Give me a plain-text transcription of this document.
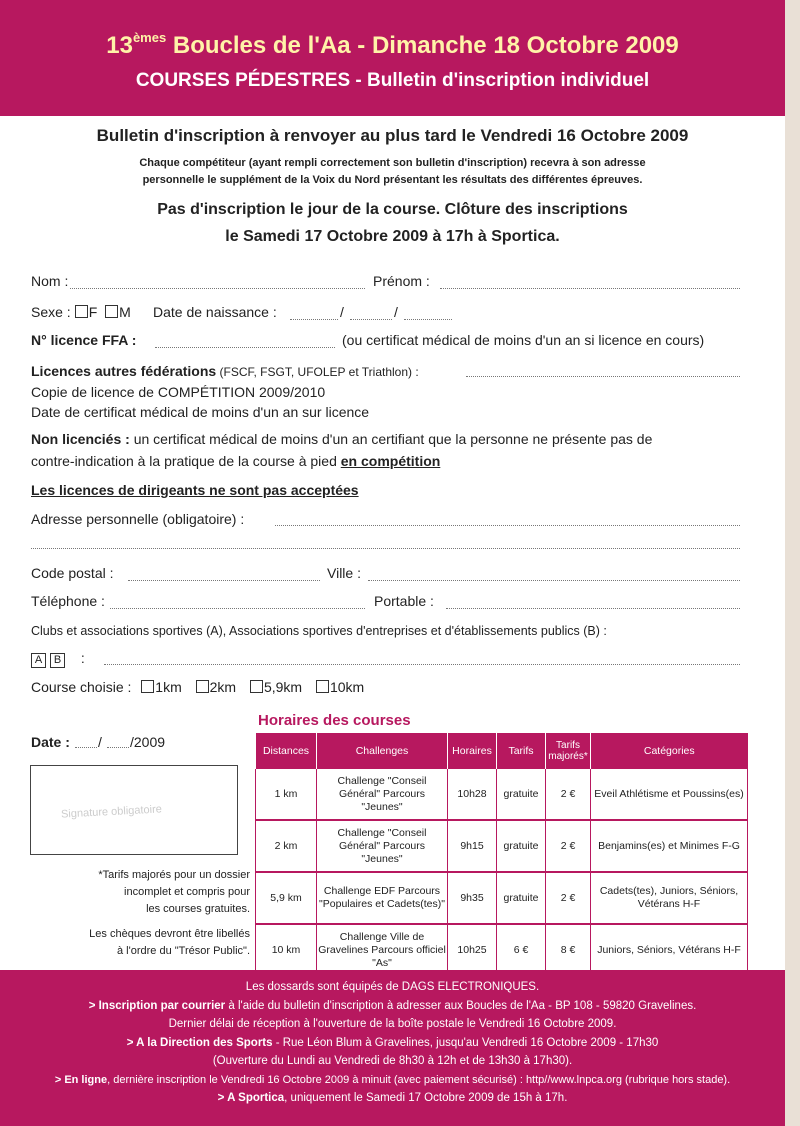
13èmes Boucles de l'Aa - Dimanche 18 Octobre 2009
COURSES PÉDESTRES - Bulletin d'inscription individuel
Bulletin d'inscription à renvoyer au plus tard le Vendredi 16 Octobre 2009
Chaque compétiteur (ayant rempli correctement son bulletin d'inscription) recevra à son adresse
personnelle le supplément de la Voix du Nord présentant les résultats des différentes épreuves.
Pas d'inscription le jour de la course. Clôture des inscriptions
le Samedi 17 Octobre 2009 à 17h à Sportica.
Nom :	Prénom :
Sexe : F M Date de naissance :	/	/
N° licence FFA :	(ou certificat médical de moins d'un an si licence en cours)
Licences autres fédérations (FSCF, FSGT, UFOLEP et Triathlon) :
Copie de licence de COMPÉTITION 2009/2010
Date de certificat médical de moins d'un an sur licence
Non licenciés : un certificat médical de moins d'un an certifiant que la personne ne présente pas de
contre-indication à la pratique de la course à pied en compétition
Les licences de dirigeants ne sont pas acceptées
Adresse personnelle (obligatoire) :
Code postal :	Ville :
Téléphone :	Portable :
Clubs et associations sportives (A), Associations sportives d'entreprises et d'établissements publics (B) :
A B :
Course choisie : 1km 2km 5,9km 10km
Date : / /2009
Signature obligatoire
*Tarifs majorés pour un dossier
incomplet et compris pour
les courses gratuites.
Les chèques devront être libellés
à l'ordre du "Trésor Public".
Horaires des courses
Distances	Challenges	Horaires	Tarifs	Tarifs majorés*	Catégories
1 km	Challenge "Conseil Général" Parcours "Jeunes"	10h28	gratuite	2 €	Eveil Athlétisme et Poussins(es)
2 km	Challenge "Conseil Général" Parcours "Jeunes"	9h15	gratuite	2 €	Benjamins(es) et Minimes F-G
5,9 km	Challenge EDF Parcours "Populaires et Cadets(tes)"	9h35	gratuite	2 €	Cadets(tes), Juniors, Séniors, Vétérans H-F
10 km	Challenge Ville de Gravelines Parcours officiel "As"	10h25	6 €	8 €	Juniors, Séniors, Vétérans H-F
Les dossards sont équipés de DAGS ELECTRONIQUES.
> Inscription par courrier à l'aide du bulletin d'inscription à adresser aux Boucles de l'Aa - BP 108 - 59820 Gravelines.
Dernier délai de réception à l'ouverture de la boîte postale le Vendredi 16 Octobre 2009.
> A la Direction des Sports - Rue Léon Blum à Gravelines, jusqu'au Vendredi 16 Octobre 2009 - 17h30
(Ouverture du Lundi au Vendredi de 8h30 à 12h et de 13h30 à 17h30).
> En ligne, dernière inscription le Vendredi 16 Octobre 2009 à minuit (avec paiement sécurisé) : http//www.lnpca.org (rubrique hors stade).
> A Sportica, uniquement le Samedi 17 Octobre 2009 de 15h à 17h.
